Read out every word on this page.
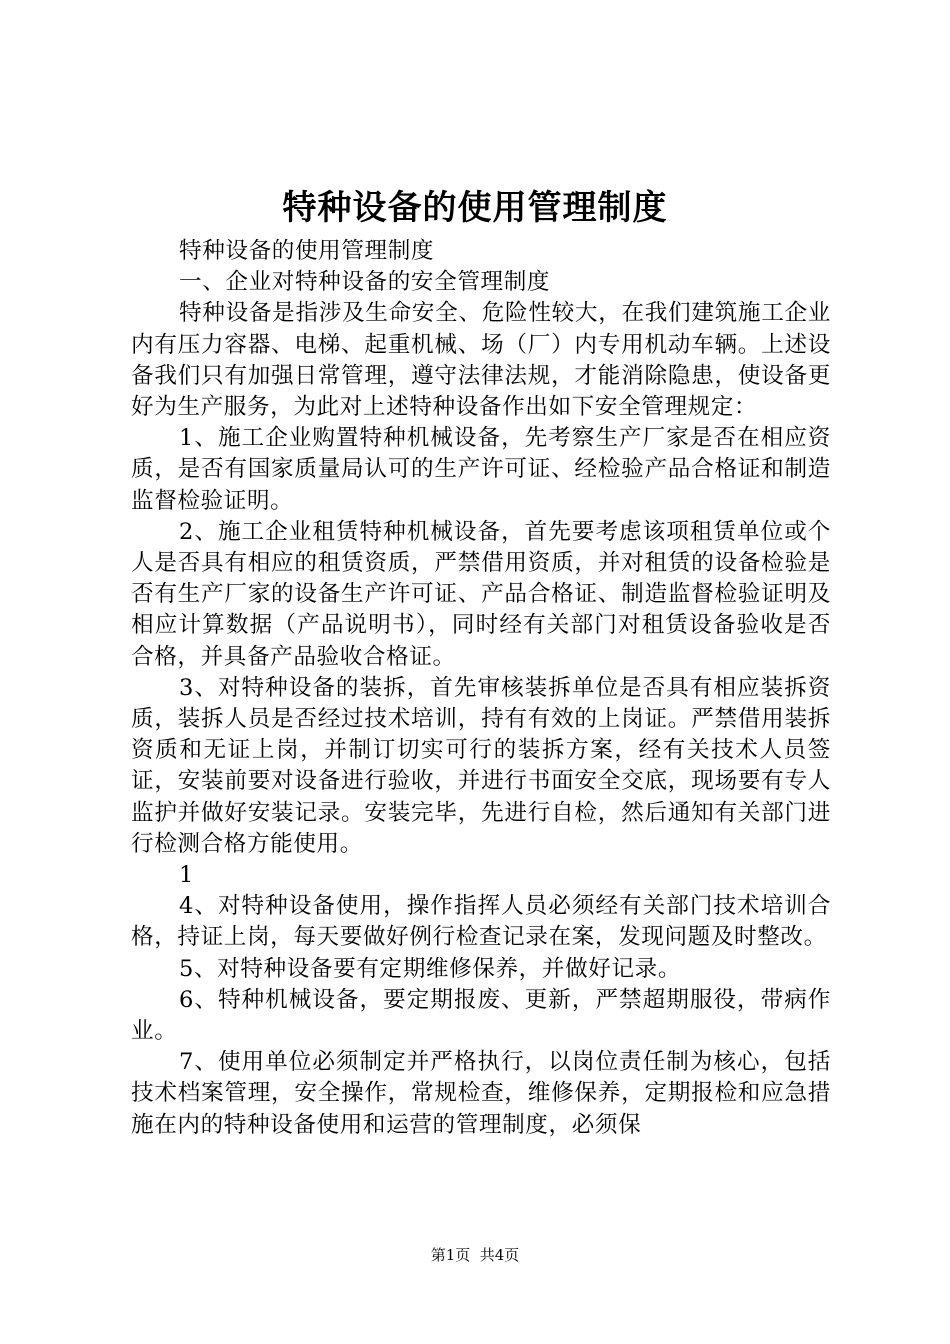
特种设备的使用管理制度

特种设备的使用管理制度

一、企业对特种设备的安全管理制度

特种设备是指涉及生命安全、危险性较大，在我们建筑施工企业内有压力容器、电梯、起重机械、场（厂）内专用机动车辆。上述设备我们只有加强日常管理，遵守法律法规，才能消除隐患，使设备更好为生产服务，为此对上述特种设备作出如下安全管理规定：

1、施工企业购置特种机械设备，先考察生产厂家是否在相应资质，是否有国家质量局认可的生产许可证、经检验产品合格证和制造监督检验证明。

2、施工企业租赁特种机械设备，首先要考虑该项租赁单位或个人是否具有相应的租赁资质，严禁借用资质，并对租赁的设备检验是否有生产厂家的设备生产许可证、产品合格证、制造监督检验证明及相应计算数据（产品说明书），同时经有关部门对租赁设备验收是否合格，并具备产品验收合格证。

3、对特种设备的装拆，首先审核装拆单位是否具有相应装拆资质，装拆人员是否经过技术培训，持有有效的上岗证。严禁借用装拆资质和无证上岗，并制订切实可行的装拆方案，经有关技术人员签证，安装前要对设备进行验收，并进行书面安全交底，现场要有专人监护并做好安装记录。安装完毕，先进行自检，然后通知有关部门进行检测合格方能使用。

1

4、对特种设备使用，操作指挥人员必须经有关部门技术培训合格，持证上岗，每天要做好例行检查记录在案，发现问题及时整改。

5、对特种设备要有定期维修保养，并做好记录。

6、特种机械设备，要定期报废、更新，严禁超期服役，带病作业。

7、使用单位必须制定并严格执行，以岗位责任制为核心，包括技术档案管理，安全操作，常规检查，维修保养，定期报检和应急措施在内的特种设备使用和运营的管理制度，必须保

第1页  共4页
